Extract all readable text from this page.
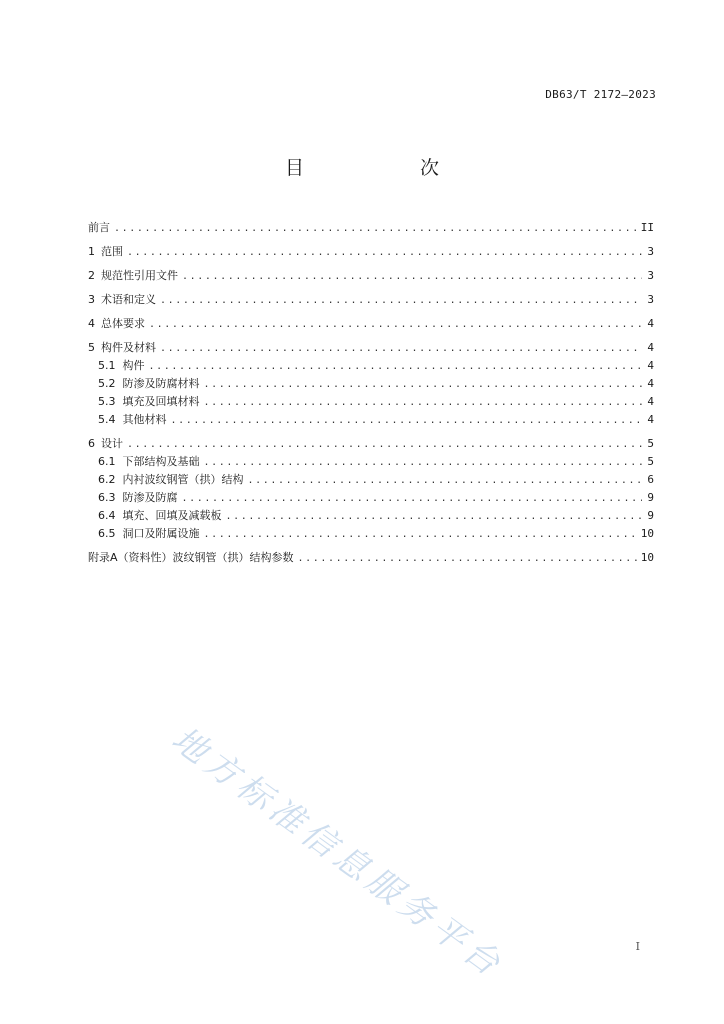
DB63/T 2172—2023
目　　次
前言 .....	II
1 范围 .....	3
2 规范性引用文件 .....	3
3 术语和定义 .....	3
4 总体要求 .....	4
5 构件及材料 .....	4
5.1 构件 .....	4
5.2 防渗及防腐材料 .....	4
5.3 填充及回填材料 .....	4
5.4 其他材料 .....	4
6 设计 .....	5
6.1 下部结构及基础 .....	5
6.2 内衬波纹钢管（拱）结构 .....	6
6.3 防渗及防腐 .....	9
6.4 填充、回填及减载板 .....	9
6.5 洞口及附属设施 .....	10
附录A（资料性）波纹钢管（拱）结构参数 .....	10
地方标准信息服务平台	I
